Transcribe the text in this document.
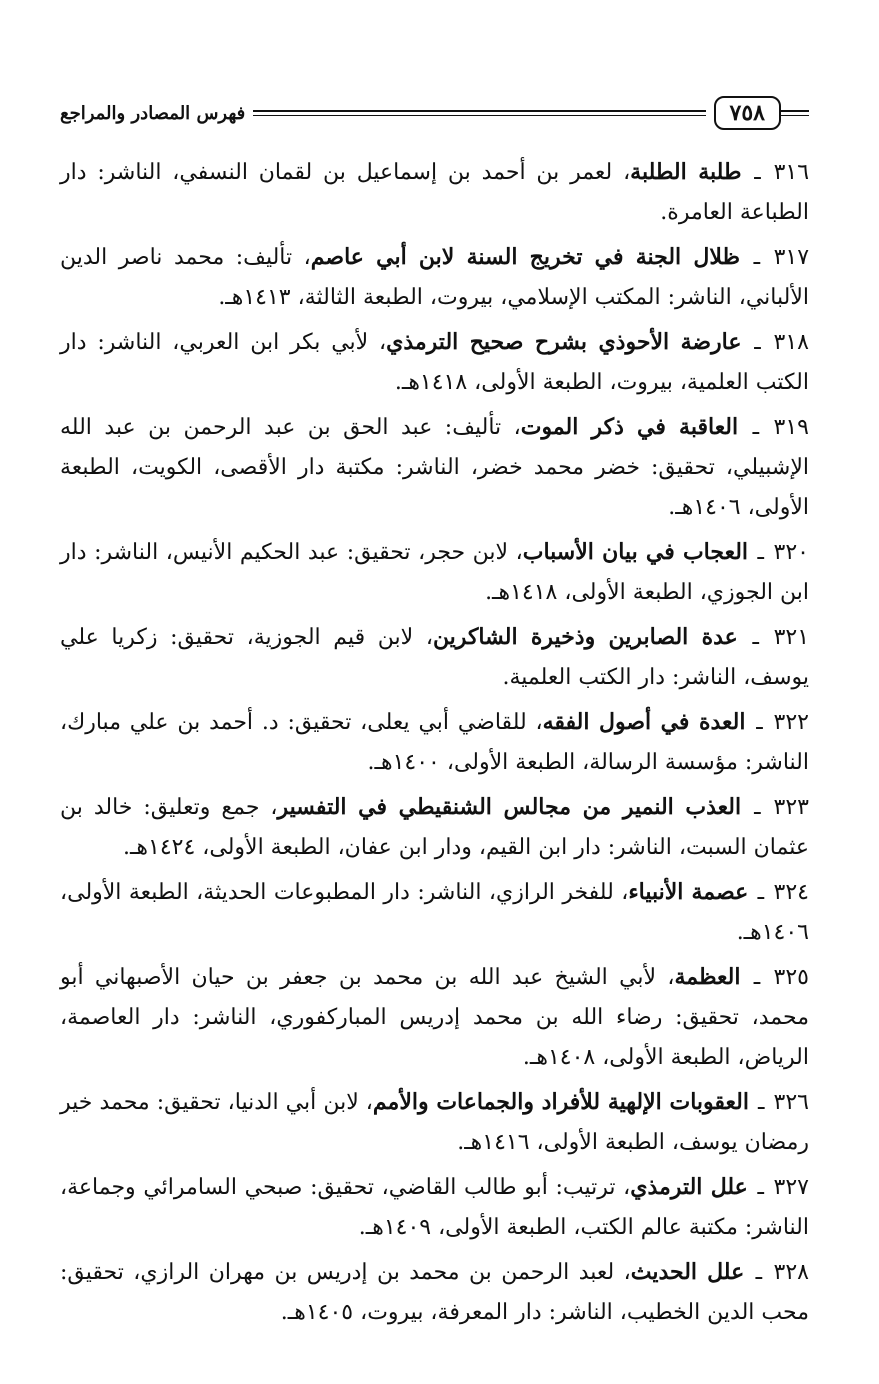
٧٥٨
فهرس المصادر والمراجع
٣١٦ ـ طلبة الطلبة، لعمر بن أحمد بن إسماعيل بن لقمان النسفي، الناشر: دار الطباعة العامرة.
٣١٧ ـ ظلال الجنة في تخريج السنة لابن أبي عاصم، تأليف: محمد ناصر الدين الألباني، الناشر: المكتب الإسلامي، بيروت، الطبعة الثالثة، ١٤١٣هـ.
٣١٨ ـ عارضة الأحوذي بشرح صحيح الترمذي، لأبي بكر ابن العربي، الناشر: دار الكتب العلمية، بيروت، الطبعة الأولى، ١٤١٨هـ.
٣١٩ ـ العاقبة في ذكر الموت، تأليف: عبد الحق بن عبد الرحمن بن عبد الله الإشبيلي، تحقيق: خضر محمد خضر، الناشر: مكتبة دار الأقصى، الكويت، الطبعة الأولى، ١٤٠٦هـ.
٣٢٠ ـ العجاب في بيان الأسباب، لابن حجر، تحقيق: عبد الحكيم الأنيس، الناشر: دار ابن الجوزي، الطبعة الأولى، ١٤١٨هـ.
٣٢١ ـ عدة الصابرين وذخيرة الشاكرين، لابن قيم الجوزية، تحقيق: زكريا علي يوسف، الناشر: دار الكتب العلمية.
٣٢٢ ـ العدة في أصول الفقه، للقاضي أبي يعلى، تحقيق: د. أحمد بن علي مبارك، الناشر: مؤسسة الرسالة، الطبعة الأولى، ١٤٠٠هـ.
٣٢٣ ـ العذب النمير من مجالس الشنقيطي في التفسير، جمع وتعليق: خالد بن عثمان السبت، الناشر: دار ابن القيم، ودار ابن عفان، الطبعة الأولى، ١٤٢٤هـ.
٣٢٤ ـ عصمة الأنبياء، للفخر الرازي، الناشر: دار المطبوعات الحديثة، الطبعة الأولى، ١٤٠٦هـ.
٣٢٥ ـ العظمة، لأبي الشيخ عبد الله بن محمد بن جعفر بن حيان الأصبهاني أبو محمد، تحقيق: رضاء الله بن محمد إدريس المباركفوري، الناشر: دار العاصمة، الرياض، الطبعة الأولى، ١٤٠٨هـ.
٣٢٦ ـ العقوبات الإلهية للأفراد والجماعات والأمم، لابن أبي الدنيا، تحقيق: محمد خير رمضان يوسف، الطبعة الأولى، ١٤١٦هـ.
٣٢٧ ـ علل الترمذي، ترتيب: أبو طالب القاضي، تحقيق: صبحي السامرائي وجماعة، الناشر: مكتبة عالم الكتب، الطبعة الأولى، ١٤٠٩هـ.
٣٢٨ ـ علل الحديث، لعبد الرحمن بن محمد بن إدريس بن مهران الرازي، تحقيق: محب الدين الخطيب، الناشر: دار المعرفة، بيروت، ١٤٠٥هـ.
